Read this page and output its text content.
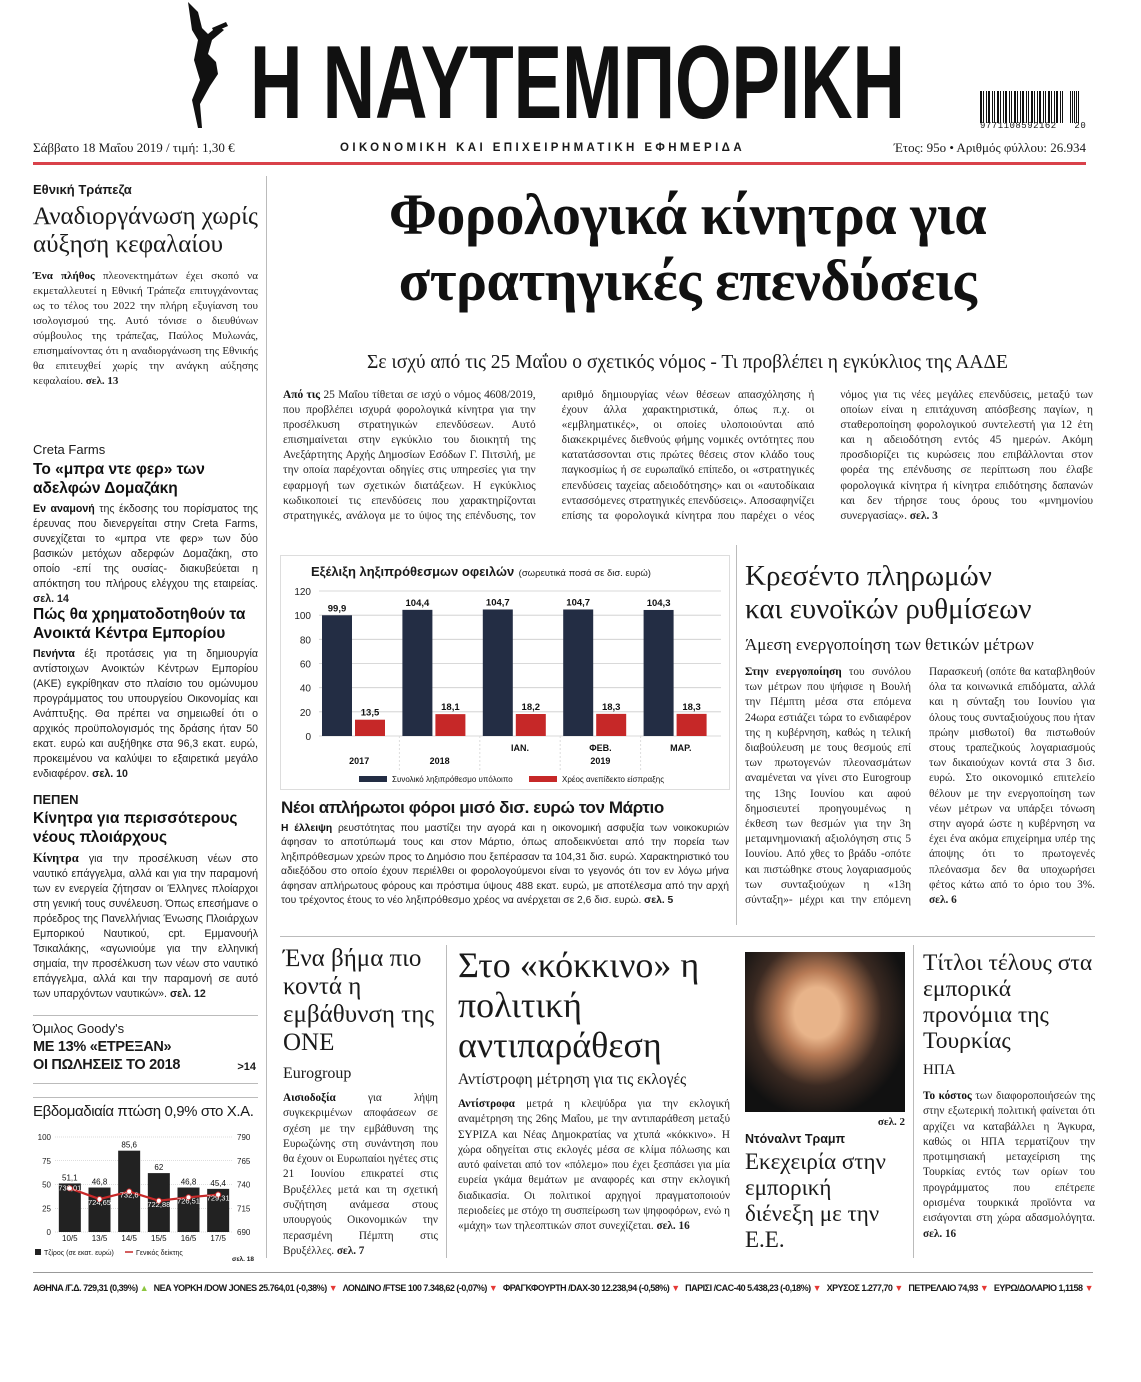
Η ΝΑΥΤΕΜΠΟΡΙΚΗ	9771108592162 20
Σάββατο 18 Μαΐου 2019 / τιμή: 1,30 €	ΟΙΚΟΝΟΜΙΚΗ ΚΑΙ ΕΠΙΧΕΙΡΗΜΑΤΙΚΗ ΕΦΗΜΕΡΙΔΑ	Έτος: 95ο • Αριθμός φύλλου: 26.934
Εθνική Τράπεζα
Αναδιοργάνωση χωρίς αύξηση κεφαλαίου
Ένα πλήθος πλεονεκτημάτων έχει σκοπό να εκμεταλλευτεί η Εθνική Τράπεζα επιτυγχάνοντας ως το τέλος του 2022 την πλήρη εξυγίανση του ισολογισμού της. Αυτό τόνισε ο διευθύνων σύμβουλος της τράπεζας, Παύλος Μυλωνάς, επισημαίνοντας ότι η αναδιοργάνωση της Εθνικής θα επιτευχθεί χωρίς την ανάγκη αύξησης κεφαλαίου. σελ. 13
Creta Farms
Το «μπρα ντε φερ» των αδελφών Δομαζάκη
Εν αναμονή της έκδοσης του πορίσματος της έρευνας που διενεργείται στην Creta Farms, συνεχίζεται το «μπρα ντε φερ» των δύο βασικών μετόχων αδερφών Δομαζάκη, στο οποίο -επί της ουσίας- διακυβεύεται η απόκτηση του πλήρους ελέγχου της εταιρείας. σελ. 14
Πώς θα χρηματοδοτηθούν τα Ανοικτά Κέντρα Εμπορίου
Πενήντα έξι προτάσεις για τη δημιουργία αντίστοιχων Ανοικτών Κέντρων Εμπορίου (ΑΚΕ) εγκρίθηκαν στο πλαίσιο του ομώνυμου προγράμματος του υπουργείου Οικονομίας και Ανάπτυξης. Θα πρέπει να σημειωθεί ότι ο αρχικός προϋπολογισμός της δράσης ήταν 50 εκατ. ευρώ και αυξήθηκε στα 96,3 εκατ. ευρώ, προκειμένου να καλύψει το εξαιρετικά μεγάλο ενδιαφέρον. σελ. 10
ΠΕΠΕΝ
Κίνητρα για περισσότερους νέους πλοιάρχους
Κίνητρα για την προσέλκυση νέων στο ναυτικό επάγγελμα, αλλά και για την παραμονή των εν ενεργεία ζήτησαν οι Έλληνες πλοίαρχοι στη γενική τους συνέλευση. Όπως επεσήμανε ο πρόεδρος της Πανελλήνιας Ένωσης Πλοιάρχων Εμπορικού Ναυτικού, cpt. Εμμανουήλ Τσικαλάκης, «αγωνιούμε για την ελληνική σημαία, την προσέλκυση των νέων στο ναυτικό επάγγελμα, αλλά και την παραμονή σε αυτό των υπαρχόντων ναυτικών». σελ. 12
Όμιλος Goody's
ΜΕ 13% «ΕΤΡΕΞΑΝ»
ΟΙ ΠΩΛΗΣΕΙΣ ΤΟ 2018	>14
Εβδομαδιαία πτώση 0,9% στο Χ.Α.
0	690
25	715
50	740
75	765
100	790
51,1
10/5
46,8
13/5
85,6
14/5
62
15/5
46,8
16/5
45,4
17/5
736,01
724,65
732,6
722,88 726,51 729,31
Τζίρος (σε εκατ. ευρώ)	Γενικός δείκτης
σελ. 18
Φορολογικά κίνητρα για
στρατηγικές επενδύσεις
Σε ισχύ από τις 25 Μαΐου ο σχετικός νόμος - Τι προβλέπει η εγκύκλιος της ΑΑΔΕ
Από τις 25 Μαΐου τίθεται σε ισχύ ο νόμος 4608/2019, που προβλέπει ισχυρά φορολογικά κίνητρα για την προσέλκυση στρατηγικών επενδύσεων. Αυτό επισημαίνεται στην εγκύκλιο του διοικητή της Ανεξάρτητης Αρχής Δημοσίων Εσόδων Γ. Πιτσιλή, με την οποία παρέχονται οδηγίες στις υπηρεσίες για την εφαρμογή των σχετικών διατάξεων. Η εγκύκλιος κωδικοποιεί τις επενδύσεις που χαρακτηρίζονται στρατηγικές, ανάλογα με το ύψος της επένδυσης, τον αριθμό δημιουργίας νέων θέσεων απασχόλησης ή έχουν άλλα χαρακτηριστικά, όπως π.χ. οι «εμβληματικές», οι οποίες υλοποιούνται από διακεκριμένες διεθνούς φήμης νομικές οντότητες που κατατάσσονται στις πρώτες θέσεις στον κλάδο τους παγκοσμίως ή σε ευρωπαϊκό επίπεδο, οι «στρατηγικές επενδύσεις ταχείας αδειοδότησης» και οι «αυτοδίκαια εντασσόμενες στρατηγικές επενδύσεις». Αποσαφηνίζει επίσης τα φορολογικά κίνητρα που παρέχει ο νέος νόμος για τις νέες μεγάλες επενδύσεις, μεταξύ των οποίων είναι η επιτάχυνση απόσβεσης παγίων, η σταθεροποίηση φορολογικού συντελεστή για 12 έτη και η αδειοδότηση εντός 45 ημερών. Ακόμη προσδιορίζει τις κυρώσεις που επιβάλλονται στον φορέα της επένδυσης σε περίπτωση που έλαβε φορολογικά κίνητρα ή κίνητρα επιδότησης δαπανών και δεν τήρησε τους όρους του «μνημονίου συνεργασίας». σελ. 3
Εξέλιξη ληξιπρόθεσμων οφειλών (σωρευτικά ποσά σε δισ. ευρώ)
0
20
40
60
80
100
120
99,9
13,5
2017
104,4
18,1
2018
104,7
18,2
ΙΑΝ.
104,7
18,3
ΦΕΒ.
104,3
18,3
ΜΑΡ.
2019
Συνολικό ληξιπρόθεσμο υπόλοιπο	Χρέος ανεπίδεκτο είσπραξης
Νέοι απλήρωτοι φόροι μισό δισ. ευρώ τον Μάρτιο
Η έλλειψη ρευστότητας που μαστίζει την αγορά και η οικονομική ασφυξία των νοικοκυριών άφησαν το αποτύπωμά τους και στον Μάρτιο, όπως αποδεικνύεται από την πορεία των ληξιπρόθεσμων χρεών προς το Δημόσιο που ξεπέρασαν τα 104,31 δισ. ευρώ. Χαρακτηριστικό του αδιεξόδου στο οποίο έχουν περιέλθει οι φορολογούμενοι είναι το γεγονός ότι τον εν λόγω μήνα άφησαν απλήρωτους φόρους και πρόστιμα ύψους 488 εκατ. ευρώ, με αποτέλεσμα από την αρχή του τρέχοντος έτους το νέο ληξιπρόθεσμο χρέος να ανέρχεται σε 2,6 δισ. ευρώ. σελ. 5
Κρεσέντο πληρωμών
και ευνοϊκών ρυθμίσεων
Άμεση ενεργοποίηση των θετικών μέτρων
Στην ενεργοποίηση του συνόλου των μέτρων που ψήφισε η Βουλή την Πέμπτη μέσα στα επόμενα 24ωρα εστιάζει τώρα το ενδιαφέρον της η κυβέρνηση, καθώς η τελική διαβούλευση με τους θεσμούς επί των πρωτογενών πλεονασμάτων αναμένεται να γίνει στο Eurogroup της 13ης Ιουνίου και αφού δημοσιευτεί προηγουμένως η έκθεση των θεσμών για την 3η μεταμνημονιακή αξιολόγηση στις 5 Ιουνίου. Από χθες το βράδυ -οπότε και πιστώθηκε στους λογαριασμούς των συνταξιούχων η «13η σύνταξη»- μέχρι και την επόμενη Παρασκευή (οπότε θα καταβληθούν όλα τα κοινωνικά επιδόματα, αλλά και η σύνταξη του Ιουνίου για όλους τους συνταξιούχους που ήταν πρώην μισθωτοί) θα πιστωθούν στους τραπεζικούς λογαριασμούς των δικαιούχων κοντά στα 3 δισ. ευρώ. Στο οικονομικό επιτελείο θέλουν με την ενεργοποίηση των νέων μέτρων να υπάρξει τόνωση στην αγορά ώστε η κυβέρνηση να έχει ένα ακόμα επιχείρημα υπέρ της άποψης ότι το πρωτογενές πλεόνασμα δεν θα υποχωρήσει φέτος κάτω από το όριο του 3%. σελ. 6
Ένα βήμα πιο κοντά η εμβάθυνση της ONE
Eurogroup
Αισιοδοξία για λήψη συγκεκριμένων αποφάσεων σε σχέση με την εμβάθυνση της Ευρωζώνης στη συνάντηση που θα έχουν οι Ευρωπαίοι ηγέτες στις 21 Ιουνίου επικρατεί στις Βρυξέλλες μετά και τη σχετική συζήτηση ανάμεσα στους υπουργούς Οικονομικών την περασμένη Πέμπτη στις Βρυξέλλες. σελ. 7
Στο «κόκκινο» η πολιτική αντιπαράθεση
Αντίστροφη μέτρηση για τις εκλογές
Αντίστροφα μετρά η κλεψύδρα για την εκλογική αναμέτρηση της 26ης Μαΐου, με την αντιπαράθεση μεταξύ ΣΥΡΙΖΑ και Νέας Δημοκρατίας να χτυπά «κόκκινο». Η χώρα οδηγείται στις εκλογές μέσα σε κλίμα πόλωσης και αυτό φαίνεται από τον «πόλεμο» που έχει ξεσπάσει για μία ευρεία γκάμα θεμάτων με αναφορές και στην εκλογική διαδικασία. Οι πολιτικοί αρχηγοί πραγματοποιούν περιοδείες με στόχο τη συσπείρωση των ψηφοφόρων, ενώ η «μάχη» των τηλεοπτικών σποτ συνεχίζεται. σελ. 16
σελ. 2
Ντόναλντ Τραμπ
Εκεχειρία στην εμπορική διένεξη με την Ε.Ε.
Τίτλοι τέλους στα εμπορικά προνόμια της Τουρκίας
ΗΠΑ
Το κόστος των διαφοροποιήσεών της στην εξωτερική πολιτική φαίνεται ότι αρχίζει να καταβάλλει η Άγκυρα, καθώς οι ΗΠΑ τερματίζουν την προτιμησιακή μεταχείριση της Τουρκίας εντός των ορίων του προγράμματος που επέτρεπε ορισμένα τουρκικά προϊόντα να εισάγονται στη χώρα αδασμολόγητα. σελ. 16
ΑΘΗΝΑ /Γ.Δ. 729,31 (0,39%) ▲ ΝΕΑ ΥΟΡΚΗ /DOW JONES 25.764,01 (-0,38%) ▼ ΛΟΝΔΙΝΟ /FTSE 100 7.348,62 (-0,07%) ▼ ΦΡΑΓΚΦΟΥΡΤΗ /DAX-30 12.238,94 (-0,58%) ▼ ΠΑΡΙΣΙ /CAC-40 5.438,23 (-0,18%) ▼ ΧΡΥΣΟΣ 1.277,70 ▼ ΠΕΤΡΕΛΑΙΟ 74,93 ▼ ΕΥΡΩ/ΔΟΛΑΡΙΟ 1,1158 ▼
